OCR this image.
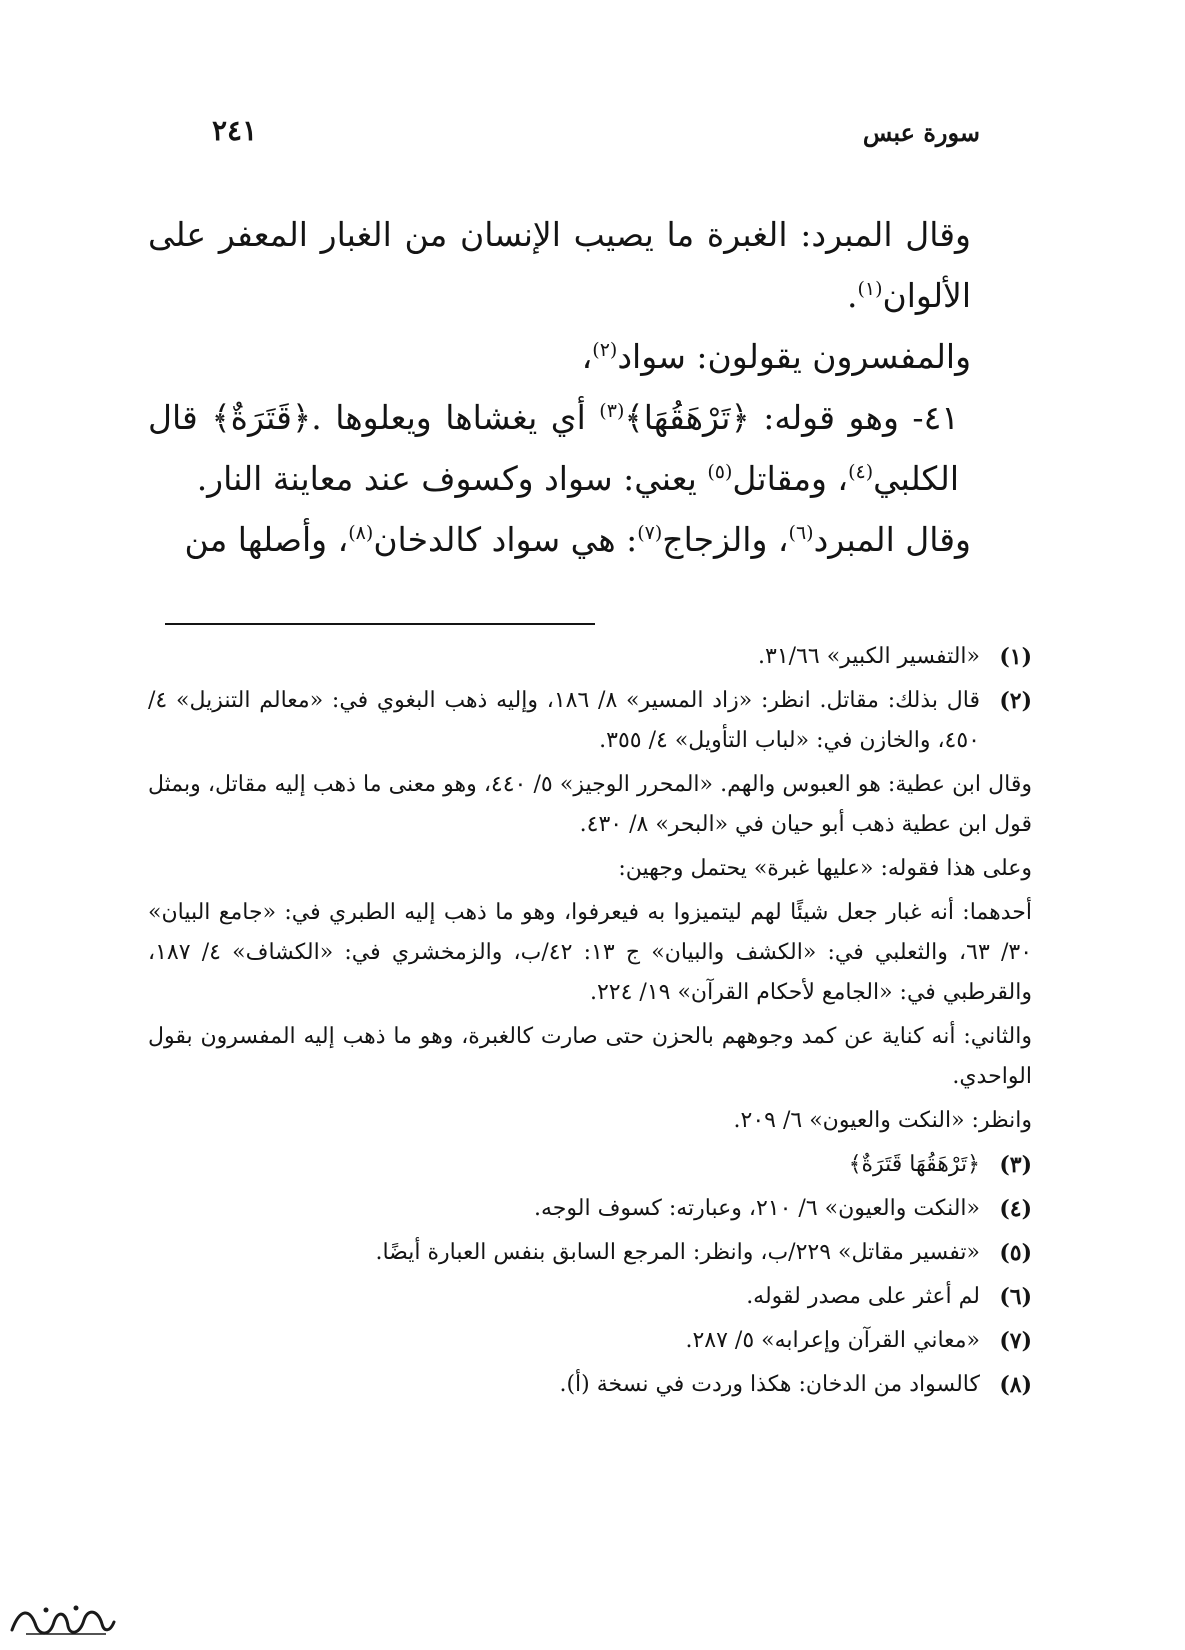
سورة عبس
٢٤١

وقال المبرد: الغبرة ما يصيب الإنسان من الغبار المعفر على الألوان$^{(١)}$.

والمفسرون يقولون: سواد$^{(٢)}$،

٤١- وهو قوله: ﴿تَرْهَقُهَا﴾$^{(٣)}$ أي يغشاها ويعلوها .﴿قَتَرَةٌ﴾ قال الكلبي$^{(٤)}$، ومقاتل$^{(٥)}$ يعني: سواد وكسوف عند معاينة النار.

وقال المبرد$^{(٦)}$، والزجاج$^{(٧)}$: هي سواد كالدخان$^{(٨)}$، وأصلها من

(١)
«التفسير الكبير» ٣١/٦٦.
(٢)
قال بذلك: مقاتل. انظر: «زاد المسير» ٨/ ١٨٦، وإليه ذهب البغوي في: «معالم التنزيل» ٤/ ٤٥٠، والخازن في: «لباب التأويل» ٤/ ٣٥٥.
وقال ابن عطية: هو العبوس والهم. «المحرر الوجيز» ٥/ ٤٤٠، وهو معنى ما ذهب إليه مقاتل، وبمثل قول ابن عطية ذهب أبو حيان في «البحر» ٨/ ٤٣٠.
وعلى هذا فقوله: «عليها غبرة» يحتمل وجهين:
أحدهما: أنه غبار جعل شيئًا لهم ليتميزوا به فيعرفوا، وهو ما ذهب إليه الطبري في: «جامع البيان» ٣٠/ ٦٣، والثعلبي في: «الكشف والبيان» ج ١٣: ٤٢/ب، والزمخشري في: «الكشاف» ٤/ ١٨٧، والقرطبي في: «الجامع لأحكام القرآن» ١٩/ ٢٢٤.
والثاني: أنه كناية عن كمد وجوههم بالحزن حتى صارت كالغبرة، وهو ما ذهب إليه المفسرون بقول الواحدي.
وانظر: «النكت والعيون» ٦/ ٢٠٩.
(٣)
﴿تَرْهَقُهَا قَتَرَةٌ﴾
(٤)
«النكت والعيون» ٦/ ٢١٠، وعبارته: كسوف الوجه.
(٥)
«تفسير مقاتل» ٢٢٩/ب، وانظر: المرجع السابق بنفس العبارة أيضًا.
(٦)
لم أعثر على مصدر لقوله.
(٧)
«معاني القرآن وإعرابه» ٥/ ٢٨٧.
(٨)
كالسواد من الدخان: هكذا وردت في نسخة (أ).
